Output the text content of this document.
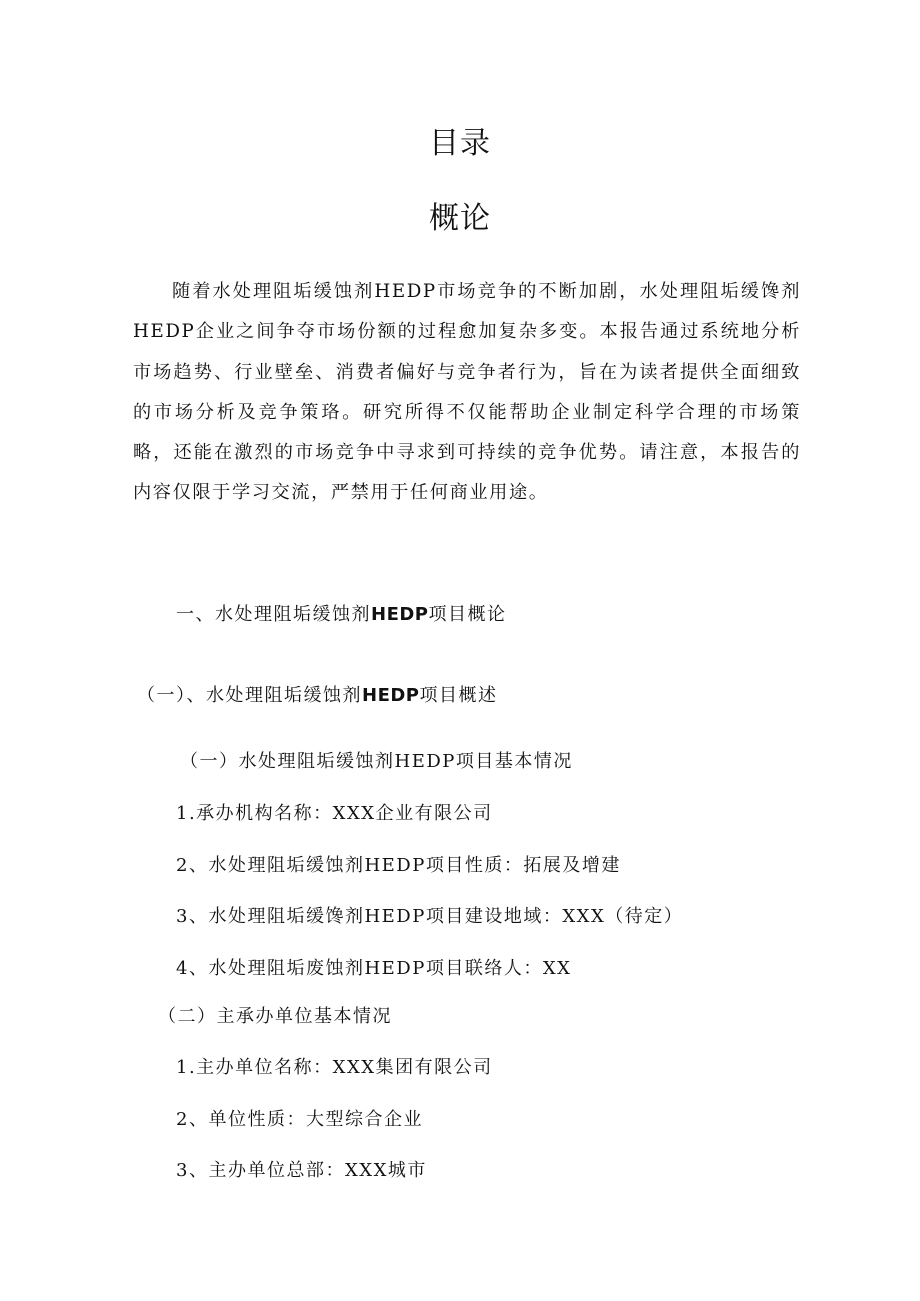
目录
概论

随着水处理阻垢缓蚀剂HEDP市场竞争的不断加剧，水处理阻垢缓馋剂HEDP企业之间争夺市场份额的过程愈加复杂多变。本报告通过系统地分析市场趋势、行业壁垒、消费者偏好与竞争者行为，旨在为读者提供全面细致的市场分析及竞争策珞。研究所得不仅能帮助企业制定科学合理的市场策略，还能在激烈的市场竞争中寻求到可持续的竞争优势。请注意，本报告的内容仅限于学习交流，严禁用于任何商业用途。

一、水处理阻垢缓蚀剂HEDP项目概论

（一）、水处理阻垢缓蚀剂HEDP项目概述

（一）水处理阻垢缓蚀剂HEDP项目基本情况

1.承办机构名称：XXX企业有限公司

2、水处理阻垢缓蚀剂HEDP项目性质：拓展及增建

3、水处理阻垢缓馋剂HEDP项目建设地域：XXX（待定）

4、水处理阻垢废蚀剂HEDP项目联络人：XX

（二）主承办单位基本情况

1.主办单位名称：XXX集团有限公司

2、单位性质：大型综合企业

3、主办单位总部：XXX城市
